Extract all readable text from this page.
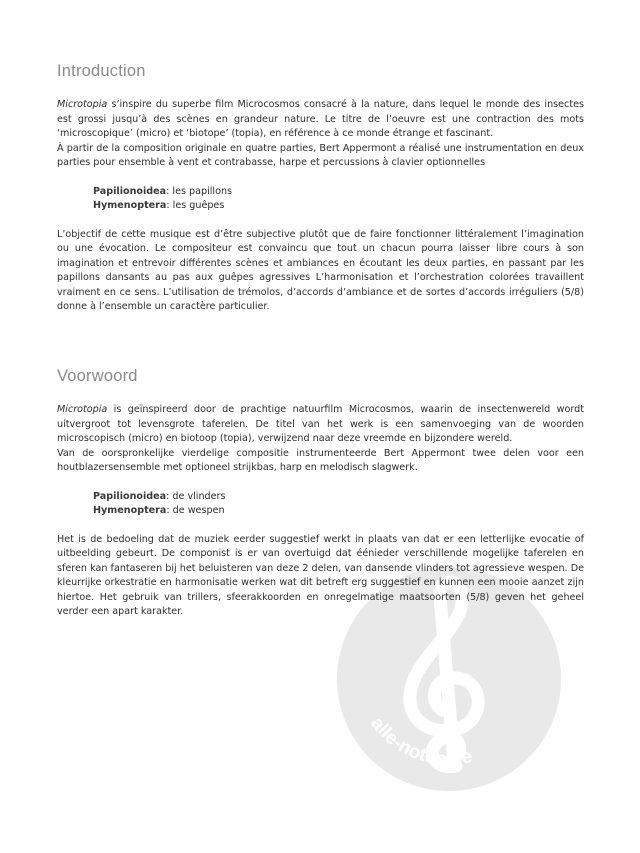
alle-noten.de
Introduction

Microtopia s’inspire du superbe film Microcosmos consacré à la nature, dans lequel le monde des insectes est grossi jusqu’à des scènes en grandeur nature. Le titre de l’oeuvre est une contraction des mots ‘microscopique’ (micro) et ‘biotope’ (topia), en référence à ce monde étrange et fascinant.

À partir de la composition originale en quatre parties, Bert Appermont a réalisé une instrumentation en deux parties pour ensemble à vent et contrabasse, harpe et percussions à clavier optionnelles

Papilionoidea: les papillons
Hymenoptera: les guêpes

L’objectif de cette musique est d’être subjective plutôt que de faire fonctionner littéralement l’imagination ou une évocation. Le compositeur est convaincu que tout un chacun pourra laisser libre cours à son imagination et entrevoir différentes scènes et ambiances en écoutant les deux parties, en passant par les papillons dansants au pas aux guêpes agressives L’harmonisation et l’orchestration colorées travaillent vraiment en ce sens. L’utilisation de trémolos, d’accords d’ambiance et de sortes d’accords irréguliers (5/8) donne à l’ensemble un caractère particulier.

Voorwoord

Microtopia is geïnspireerd door de prachtige natuurfilm Microcosmos, waarin de insectenwereld wordt uitvergroot tot levensgrote taferelen. De titel van het werk is een samenvoeging van de woorden microscopisch (micro) en biotoop (topia), verwijzend naar deze vreemde en bijzondere wereld.

Van de oorspronkelijke vierdelige compositie instrumenteerde Bert Appermont twee delen voor een houtblazersensemble met optioneel strijkbas, harp en melodisch slagwerk.

Papilionoidea: de vlinders
Hymenoptera: de wespen

Het is de bedoeling dat de muziek eerder suggestief werkt in plaats van dat er een letterlijke evocatie of uitbeelding gebeurt. De componist is er van overtuigd dat éénieder verschillende mogelijke taferelen en sferen kan fantaseren bij het beluisteren van deze 2 delen, van dansende vlinders tot agressieve wespen. De kleurrijke orkestratie en harmonisatie werken wat dit betreft erg suggestief en kunnen een mooie aanzet zijn hiertoe. Het gebruik van trillers, sfeerakkoorden en onregelmatige maatsoorten (5/8) geven het geheel verder een apart karakter.
